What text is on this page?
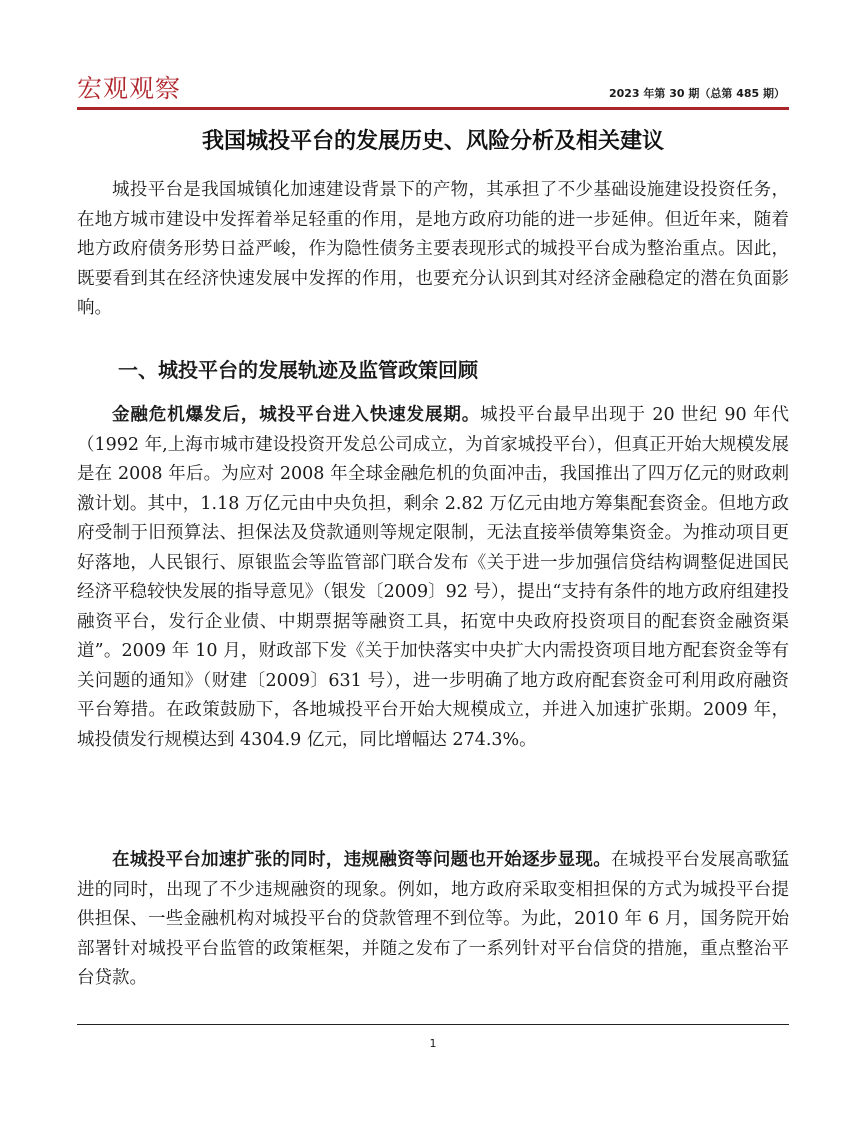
宏观观察	2023 年第 30 期（总第 485 期）
我国城投平台的发展历史、风险分析及相关建议

城投平台是我国城镇化加速建设背景下的产物，其承担了不少基础设施建设投资任务，在地方城市建设中发挥着举足轻重的作用，是地方政府功能的进一步延伸。但近年来，随着地方政府债务形势日益严峻，作为隐性债务主要表现形式的城投平台成为整治重点。因此，既要看到其在经济快速发展中发挥的作用，也要充分认识到其对经济金融稳定的潜在负面影响。

一、城投平台的发展轨迹及监管政策回顾

金融危机爆发后，城投平台进入快速发展期。城投平台最早出现于 20 世纪 90 年代（1992 年,上海市城市建设投资开发总公司成立，为首家城投平台），但真正开始大规模发展是在 2008 年后。为应对 2008 年全球金融危机的负面冲击，我国推出了四万亿元的财政刺激计划。其中，1.18 万亿元由中央负担，剩余 2.82 万亿元由地方筹集配套资金。但地方政府受制于旧预算法、担保法及贷款通则等规定限制，无法直接举债筹集资金。为推动项目更好落地，人民银行、原银监会等监管部门联合发布《关于进一步加强信贷结构调整促进国民经济平稳较快发展的指导意见》（银发〔2009〕92 号），提出“支持有条件的地方政府组建投融资平台，发行企业债、中期票据等融资工具，拓宽中央政府投资项目的配套资金融资渠道”。2009 年 10 月，财政部下发《关于加快落实中央扩大内需投资项目地方配套资金等有关问题的通知》（财建〔2009〕631 号），进一步明确了地方政府配套资金可利用政府融资平台筹措。在政策鼓励下，各地城投平台开始大规模成立，并进入加速扩张期。2009 年，城投债发行规模达到 4304.9 亿元，同比增幅达 274.3%。

在城投平台加速扩张的同时，违规融资等问题也开始逐步显现。在城投平台发展高歌猛进的同时，出现了不少违规融资的现象。例如，地方政府采取变相担保的方式为城投平台提供担保、一些金融机构对城投平台的贷款管理不到位等。为此，2010 年 6 月，国务院开始部署针对城投平台监管的政策框架，并随之发布了一系列针对平台信贷的措施，重点整治平台贷款。

1
